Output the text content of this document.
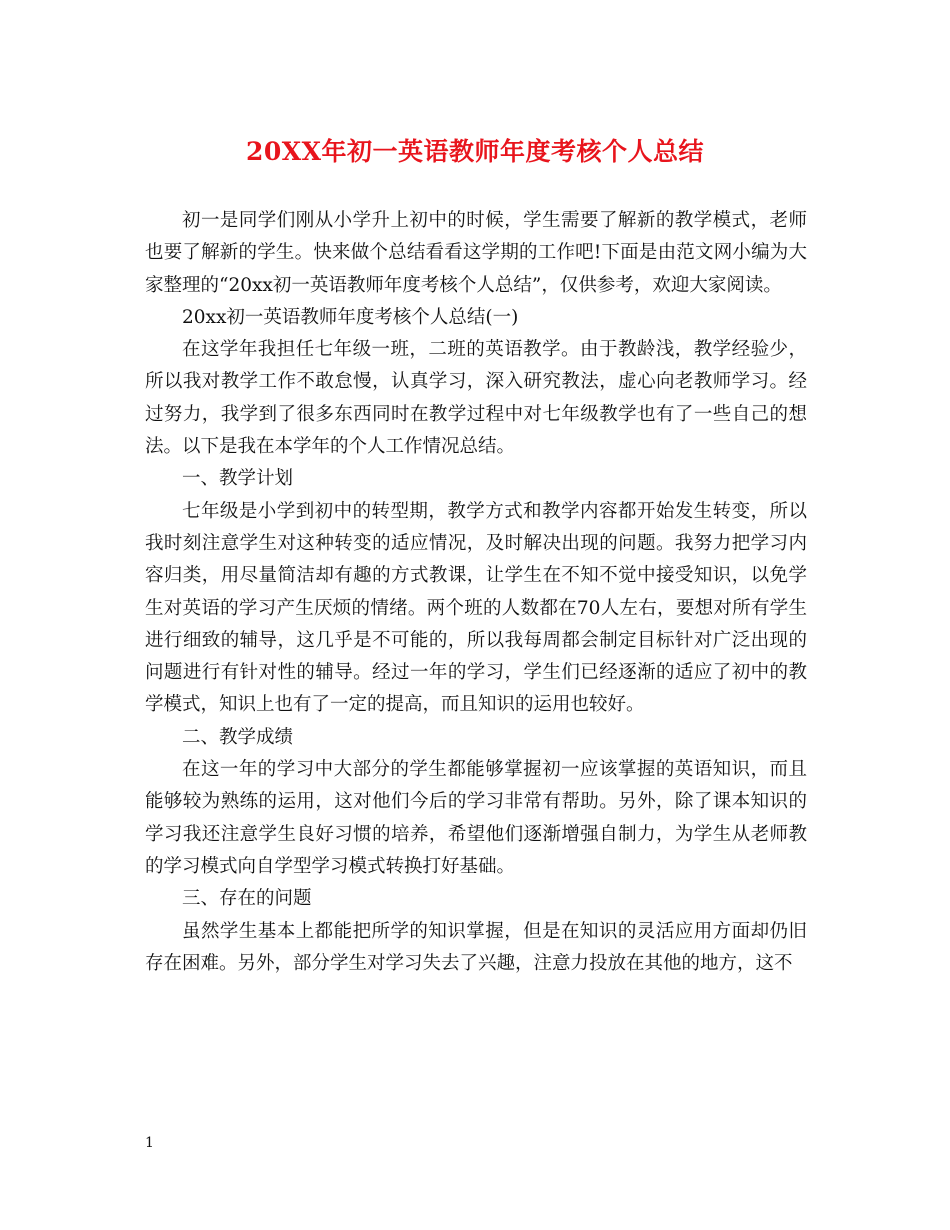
20XX年初一英语教师年度考核个人总结

初一是同学们刚从小学升上初中的时候，学生需要了解新的教学模式，老师也要了解新的学生。快来做个总结看看这学期的工作吧!下面是由范文网小编为大家整理的“20xx初一英语教师年度考核个人总结”，仅供参考，欢迎大家阅读。

20xx初一英语教师年度考核个人总结(一)

在这学年我担任七年级一班，二班的英语教学。由于教龄浅，教学经验少，所以我对教学工作不敢怠慢，认真学习，深入研究教法，虚心向老教师学习。经过努力，我学到了很多东西同时在教学过程中对七年级教学也有了一些自己的想法。以下是我在本学年的个人工作情况总结。

一、教学计划

七年级是小学到初中的转型期，教学方式和教学内容都开始发生转变，所以我时刻注意学生对这种转变的适应情况，及时解决出现的问题。我努力把学习内容归类，用尽量简洁却有趣的方式教课，让学生在不知不觉中接受知识，以免学生对英语的学习产生厌烦的情绪。两个班的人数都在70人左右，要想对所有学生进行细致的辅导，这几乎是不可能的，所以我每周都会制定目标针对广泛出现的问题进行有针对性的辅导。经过一年的学习，学生们已经逐渐的适应了初中的教学模式，知识上也有了一定的提高，而且知识的运用也较好。

二、教学成绩

在这一年的学习中大部分的学生都能够掌握初一应该掌握的英语知识，而且能够较为熟练的运用，这对他们今后的学习非常有帮助。另外，除了课本知识的学习我还注意学生良好习惯的培养，希望他们逐渐增强自制力，为学生从老师教的学习模式向自学型学习模式转换打好基础。

三、存在的问题

虽然学生基本上都能把所学的知识掌握，但是在知识的灵活应用方面却仍旧存在困难。另外，部分学生对学习失去了兴趣，注意力投放在其他的地方，这不

1
